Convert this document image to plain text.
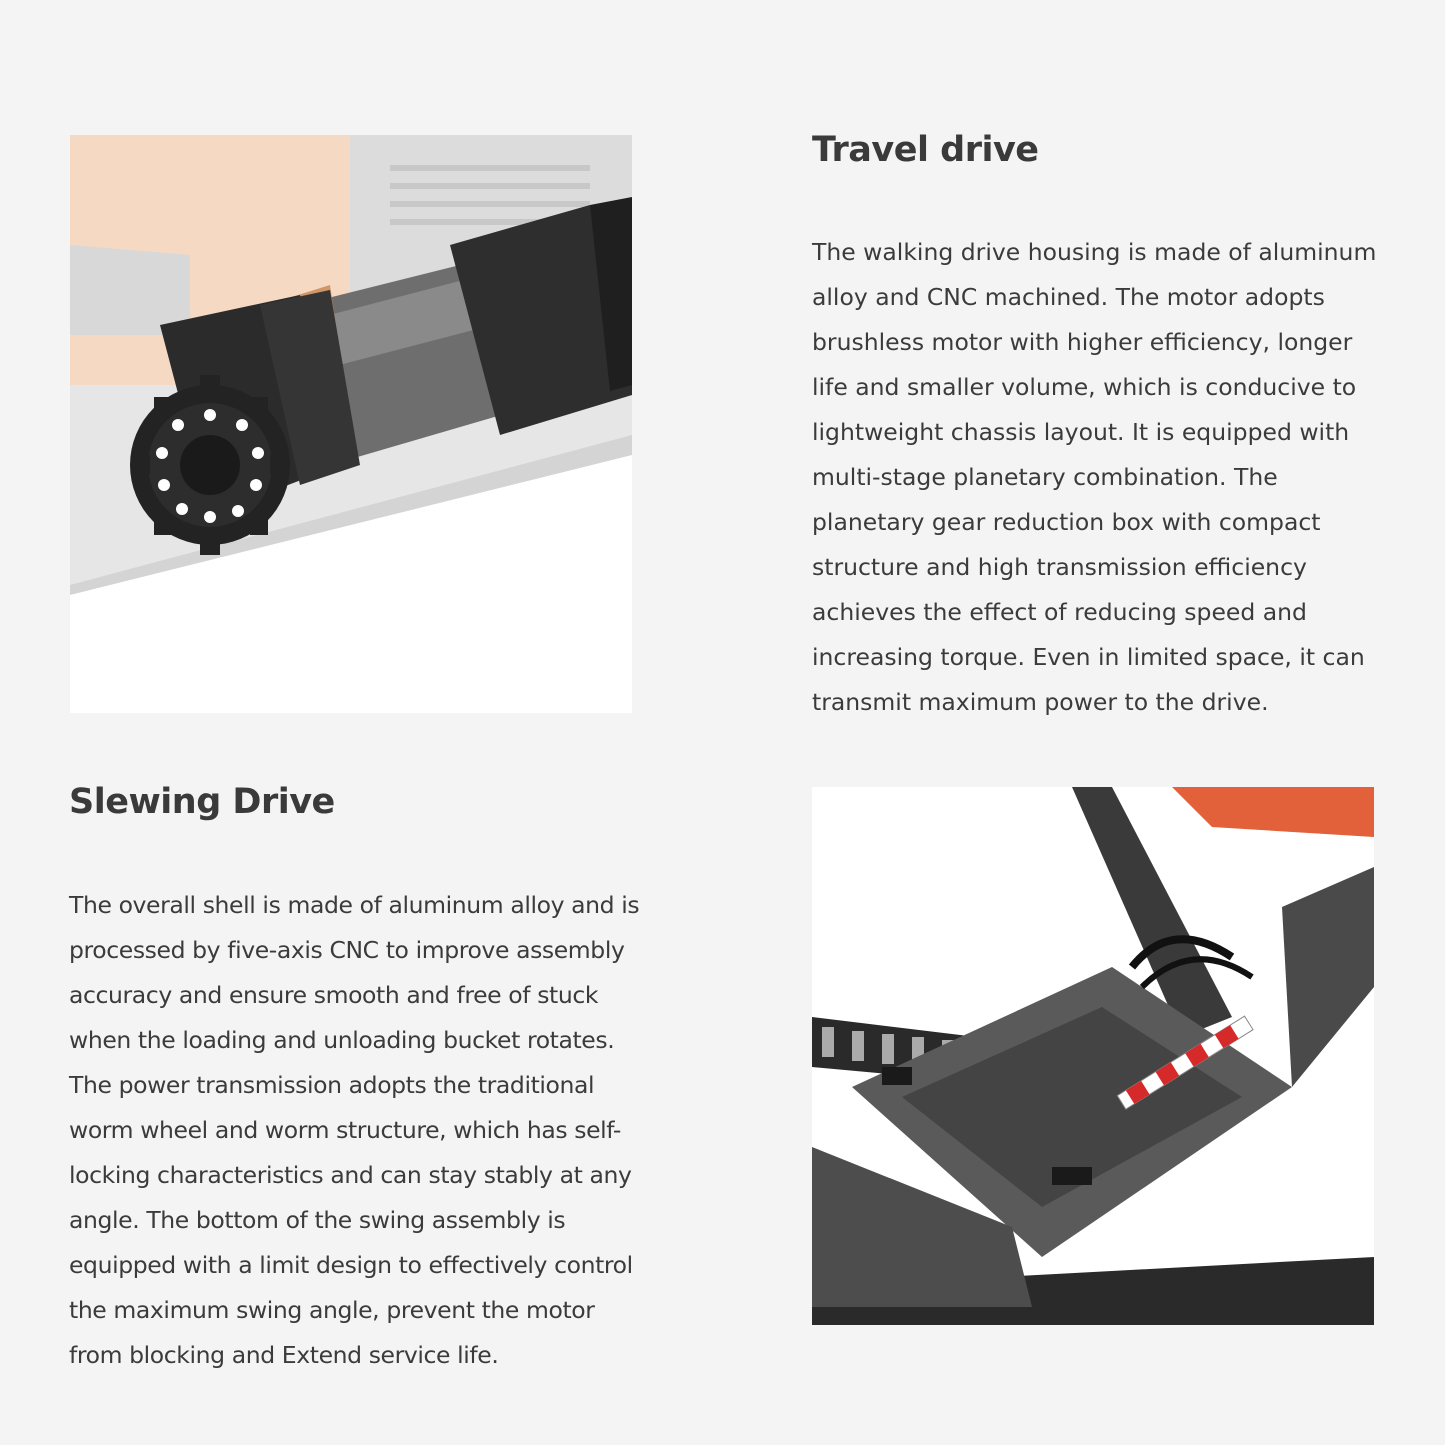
Travel drive

The walking drive housing is made of aluminum alloy and CNC machined. The motor adopts brushless motor with higher efficiency, longer life and smaller volume, which is conducive to lightweight chassis layout. It is equipped with multi-stage planetary combination. The planetary gear reduction box with compact structure and high transmission efficiency achieves the effect of reducing speed and increasing torque. Even in limited space, it can transmit maximum power to the drive.

Slewing Drive

The overall shell is made of aluminum alloy and is processed by five-axis CNC to improve assembly accuracy and ensure smooth and free of stuck when the loading and unloading bucket rotates. The power transmission adopts the traditional worm wheel and worm structure, which has self-locking characteristics and can stay stably at any angle. The bottom of the swing assembly is equipped with a limit design to effectively control the maximum swing angle, prevent the motor from blocking and Extend service life.
